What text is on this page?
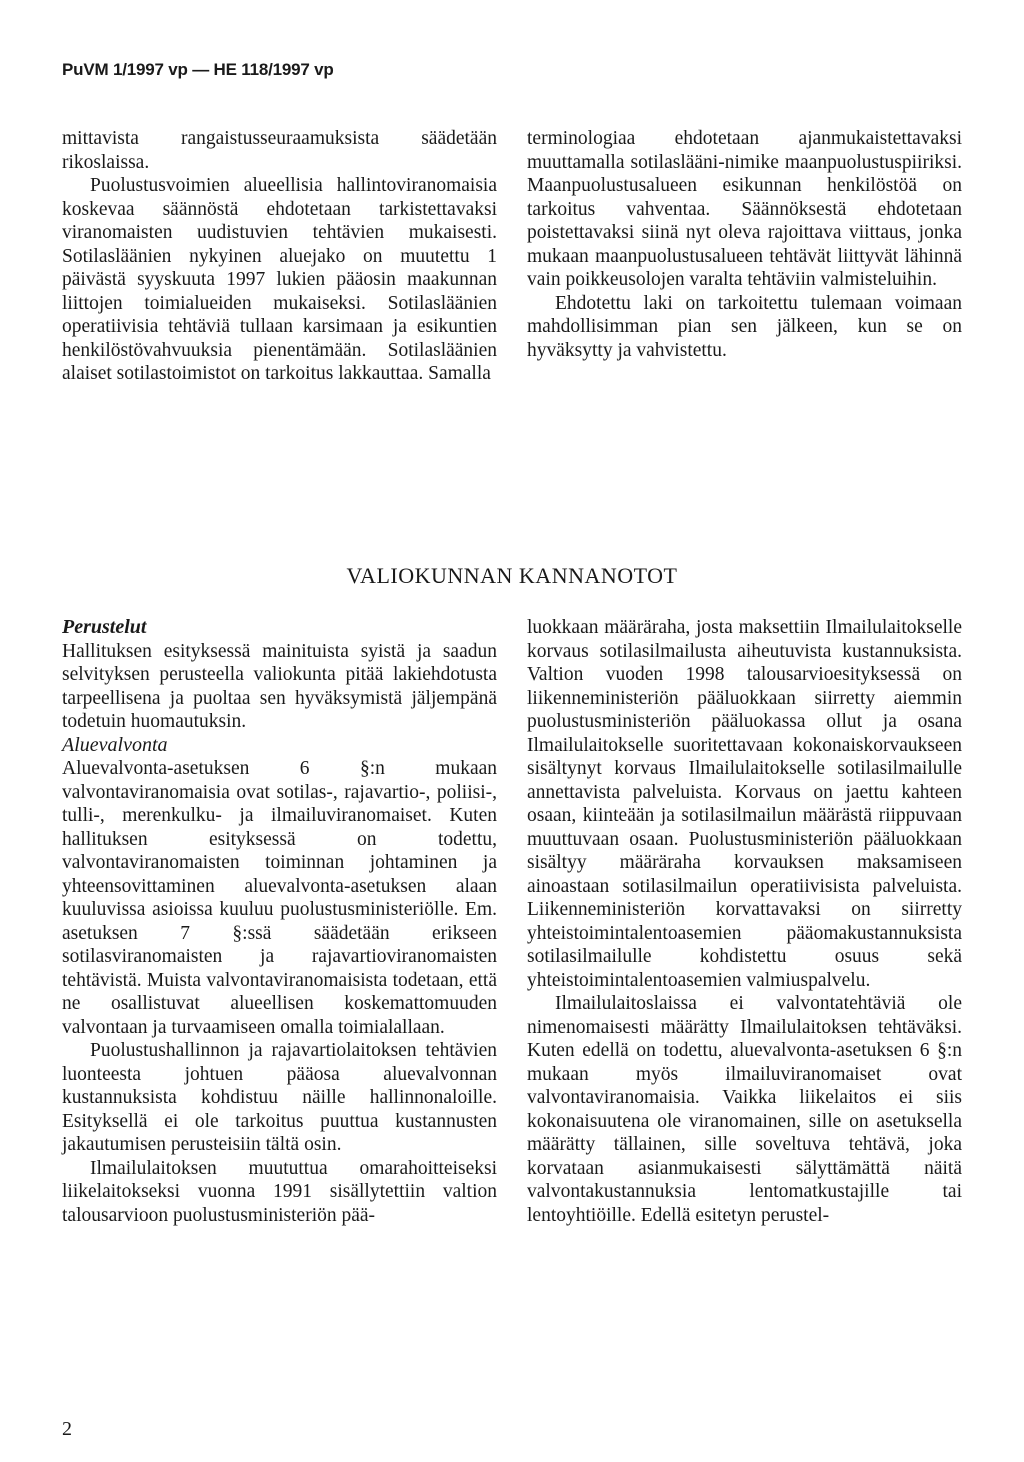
PuVM 1/1997 vp — HE 118/1997 vp

mittavista rangaistusseuraamuksista säädetään rikoslaissa.

Puolustusvoimien alueellisia hallintoviranomaisia koskevaa säännöstä ehdotetaan tarkistettavaksi viranomaisten uudistuvien tehtävien mukaisesti. Sotilasläänien nykyinen aluejako on muutettu 1 päivästä syyskuuta 1997 lukien pääosin maakunnan liittojen toimialueiden mukaiseksi. Sotilasläänien operatiivisia tehtäviä tullaan karsimaan ja esikuntien henkilöstövahvuuksia pienentämään. Sotilasläänien alaiset sotilastoimistot on tarkoitus lakkauttaa. Samalla

terminologiaa ehdotetaan ajanmukaistettavaksi muuttamalla sotilaslääni-nimike maanpuolustuspiiriksi. Maanpuolustusalueen esikunnan henkilöstöä on tarkoitus vahventaa. Säännöksestä ehdotetaan poistettavaksi siinä nyt oleva rajoittava viittaus, jonka mukaan maanpuolustusalueen tehtävät liittyvät lähinnä vain poikkeusolojen varalta tehtäviin valmisteluihin.

Ehdotettu laki on tarkoitettu tulemaan voimaan mahdollisimman pian sen jälkeen, kun se on hyväksytty ja vahvistettu.

VALIOKUNNAN KANNANOTOT

Perustelut

Hallituksen esityksessä mainituista syistä ja saadun selvityksen perusteella valiokunta pitää lakiehdotusta tarpeellisena ja puoltaa sen hyväksymistä jäljempänä todetuin huomautuksin.

Aluevalvonta

Aluevalvonta-asetuksen 6 §:n mukaan valvontaviranomaisia ovat sotilas-, rajavartio-, poliisi-, tulli-, merenkulku- ja ilmailuviranomaiset. Kuten hallituksen esityksessä on todettu, valvontaviranomaisten toiminnan johtaminen ja yhteensovittaminen aluevalvonta-asetuksen alaan kuuluvissa asioissa kuuluu puolustusministeriölle. Em. asetuksen 7 §:ssä säädetään erikseen sotilasviranomaisten ja rajavartioviranomaisten tehtävistä. Muista valvontaviranomaisista todetaan, että ne osallistuvat alueellisen koskemattomuuden valvontaan ja turvaamiseen omalla toimialallaan.

Puolustushallinnon ja rajavartiolaitoksen tehtävien luonteesta johtuen pääosa aluevalvonnan kustannuksista kohdistuu näille hallinnonaloille. Esityksellä ei ole tarkoitus puuttua kustannusten jakautumisen perusteisiin tältä osin.

Ilmailulaitoksen muututtua omarahoitteiseksi liikelaitokseksi vuonna 1991 sisällytettiin valtion talousarvioon puolustusministeriön pää-

luokkaan määräraha, josta maksettiin Ilmailulaitokselle korvaus sotilasilmailusta aiheutuvista kustannuksista. Valtion vuoden 1998 talousarvioesityksessä on liikenneministeriön pääluokkaan siirretty aiemmin puolustusministeriön pääluokassa ollut ja osana Ilmailulaitokselle suoritettavaan kokonaiskorvaukseen sisältynyt korvaus Ilmailulaitokselle sotilasilmailulle annettavista palveluista. Korvaus on jaettu kahteen osaan, kiinteään ja sotilasilmailun määrästä riippuvaan muuttuvaan osaan. Puolustusministeriön pääluokkaan sisältyy määräraha korvauksen maksamiseen ainoastaan sotilasilmailun operatiivisista palveluista. Liikenneministeriön korvattavaksi on siirretty yhteistoimintalentoasemien pääomakustannuksista sotilasilmailulle kohdistettu osuus sekä yhteistoimintalentoasemien valmiuspalvelu.

Ilmailulaitoslaissa ei valvontatehtäviä ole nimenomaisesti määrätty Ilmailulaitoksen tehtäväksi. Kuten edellä on todettu, aluevalvonta-asetuksen 6 §:n mukaan myös ilmailuviranomaiset ovat valvontaviranomaisia. Vaikka liikelaitos ei siis kokonaisuutena ole viranomainen, sille on asetuksella määrätty tällainen, sille soveltuva tehtävä, joka korvataan asianmukaisesti sälyttämättä näitä valvontakustannuksia lentomatkustajille tai lentoyhtiöille. Edellä esitetyn perustel-

2
